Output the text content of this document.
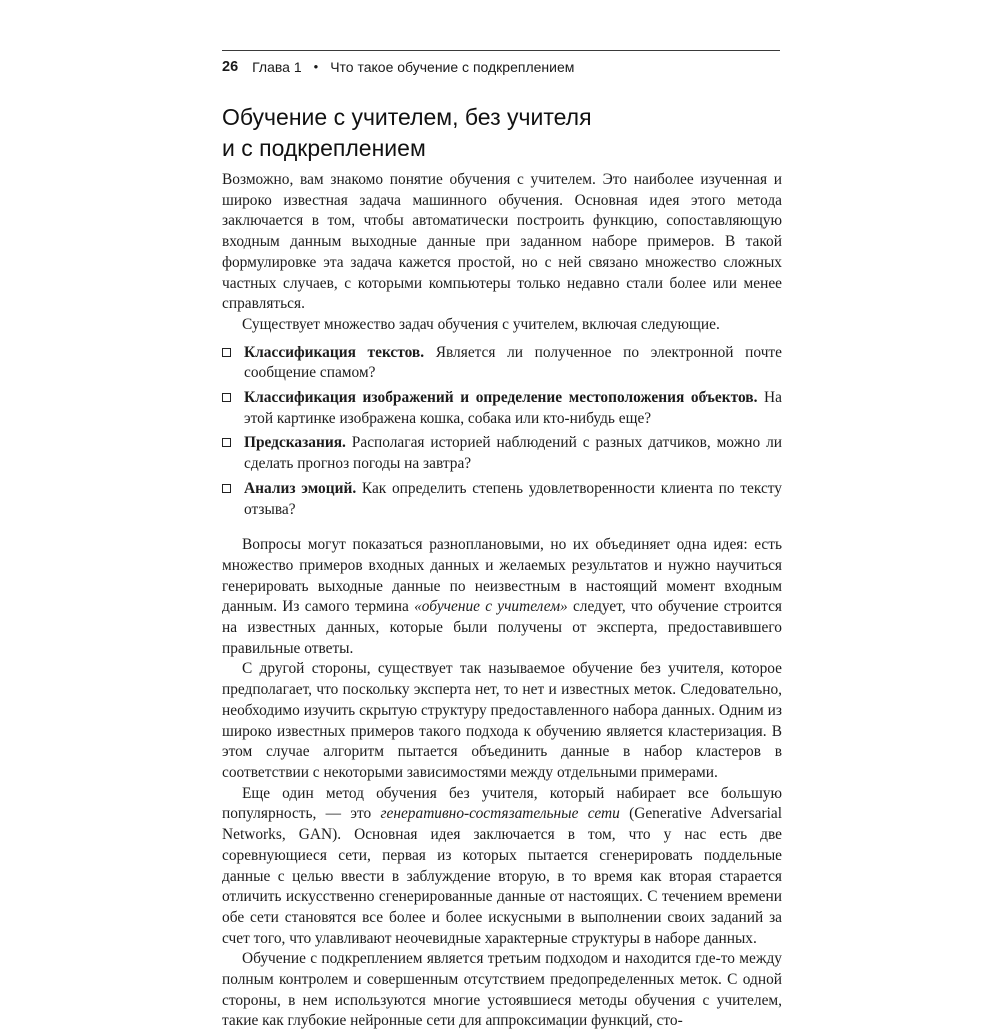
26 Глава 1 • Что такое обучение с подкреплением
Обучение с учителем, без учителя
и с подкреплением

Возможно, вам знакомо понятие обучения с учителем. Это наиболее изученная и широко известная задача машинного обучения. Основная идея этого метода заключается в том, чтобы автоматически построить функцию, сопоставляющую входным данным выходные данные при заданном наборе примеров. В такой формулировке эта задача кажется простой, но с ней связано множество сложных частных случаев, с которыми компьютеры только недавно стали более или менее справляться.

Существует множество задач обучения с учителем, включая следующие.

Классификация текстов. Является ли полученное по электронной почте сообщение спамом?
Классификация изображений и определение местоположения объектов. На этой картинке изображена кошка, собака или кто-нибудь еще?
Предсказания. Располагая историей наблюдений с разных датчиков, можно ли сделать прогноз погоды на завтра?
Анализ эмоций. Как определить степень удовлетворенности клиента по тексту отзыва?

Вопросы могут показаться разноплановыми, но их объединяет одна идея: есть множество примеров входных данных и желаемых результатов и нужно научиться генерировать выходные данные по неизвестным в настоящий момент входным данным. Из самого термина «обучение с учителем» следует, что обучение строится на известных данных, которые были получены от эксперта, предоставившего правильные ответы.

С другой стороны, существует так называемое обучение без учителя, которое предполагает, что поскольку эксперта нет, то нет и известных меток. Следовательно, необходимо изучить скрытую структуру предоставленного набора данных. Одним из широко известных примеров такого подхода к обучению является кластеризация. В этом случае алгоритм пытается объединить данные в набор кластеров в соответствии с некоторыми зависимостями между отдельными примерами.

Еще один метод обучения без учителя, который набирает все большую популярность, — это генеративно-состязательные сети (Generative Adversarial Networks, GAN). Основная идея заключается в том, что у нас есть две соревнующиеся сети, первая из которых пытается сгенерировать поддельные данные с целью ввести в заблуждение вторую, в то время как вторая старается отличить искусственно сгенерированные данные от настоящих. С течением времени обе сети становятся все более и более искусными в выполнении своих заданий за счет того, что улавливают неочевидные характерные структуры в наборе данных.

Обучение с подкреплением является третьим подходом и находится где-то между полным контролем и совершенным отсутствием предопределенных меток. С одной стороны, в нем используются многие устоявшиеся методы обучения с учителем, такие как глубокие нейронные сети для аппроксимации функций, сто-
